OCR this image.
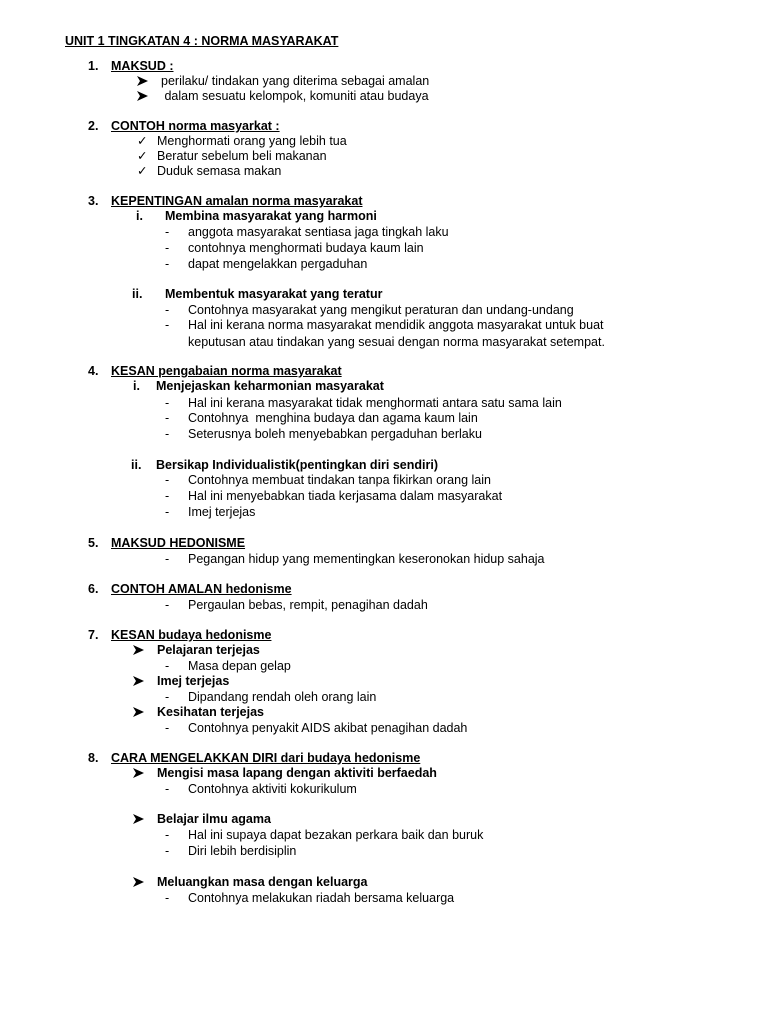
UNIT 1 TINGKATAN 4 : NORMA MASYARAKAT
1. MAKSUD :
perilaku/ tindakan yang diterima sebagai amalan
dalam sesuatu kelompok, komuniti atau budaya
2. CONTOH norma masyarkat :
✓ Menghormati orang yang lebih tua
✓ Beratur sebelum beli makanan
✓ Duduk semasa makan
3. KEPENTINGAN amalan norma masyarakat
i. Membina masyarakat yang harmoni
- anggota masyarakat sentiasa jaga tingkah laku
- contohnya menghormati budaya kaum lain
- dapat mengelakkan pergaduhan
ii. Membentuk masyarakat yang teratur
- Contohnya masyarakat yang mengikut peraturan dan undang-undang
- Hal ini kerana norma masyarakat mendidik anggota masyarakat untuk buat
keputusan atau tindakan yang sesuai dengan norma masyarakat setempat.
4. KESAN pengabaian norma masyarakat
i. Menjejaskan keharmonian masyarakat
- Hal ini kerana masyarakat tidak menghormati antara satu sama lain
- Contohnya  menghina budaya dan agama kaum lain
- Seterusnya boleh menyebabkan pergaduhan berlaku
ii. Bersikap Individualistik(pentingkan diri sendiri)
- Contohnya membuat tindakan tanpa fikirkan orang lain
- Hal ini menyebabkan tiada kerjasama dalam masyarakat
- Imej terjejas
5. MAKSUD HEDONISME
- Pegangan hidup yang mementingkan keseronokan hidup sahaja
6. CONTOH AMALAN hedonisme
- Pergaulan bebas, rempit, penagihan dadah
7. KESAN budaya hedonisme
Pelajaran terjejas
- Masa depan gelap
Imej terjejas
- Dipandang rendah oleh orang lain
Kesihatan terjejas
- Contohnya penyakit AIDS akibat penagihan dadah
8. CARA MENGELAKKAN DIRI dari budaya hedonisme
Mengisi masa lapang dengan aktiviti berfaedah
- Contohnya aktiviti kokurikulum
Belajar ilmu agama
- Hal ini supaya dapat bezakan perkara baik dan buruk
- Diri lebih berdisiplin
Meluangkan masa dengan keluarga
- Contohnya melakukan riadah bersama keluarga
